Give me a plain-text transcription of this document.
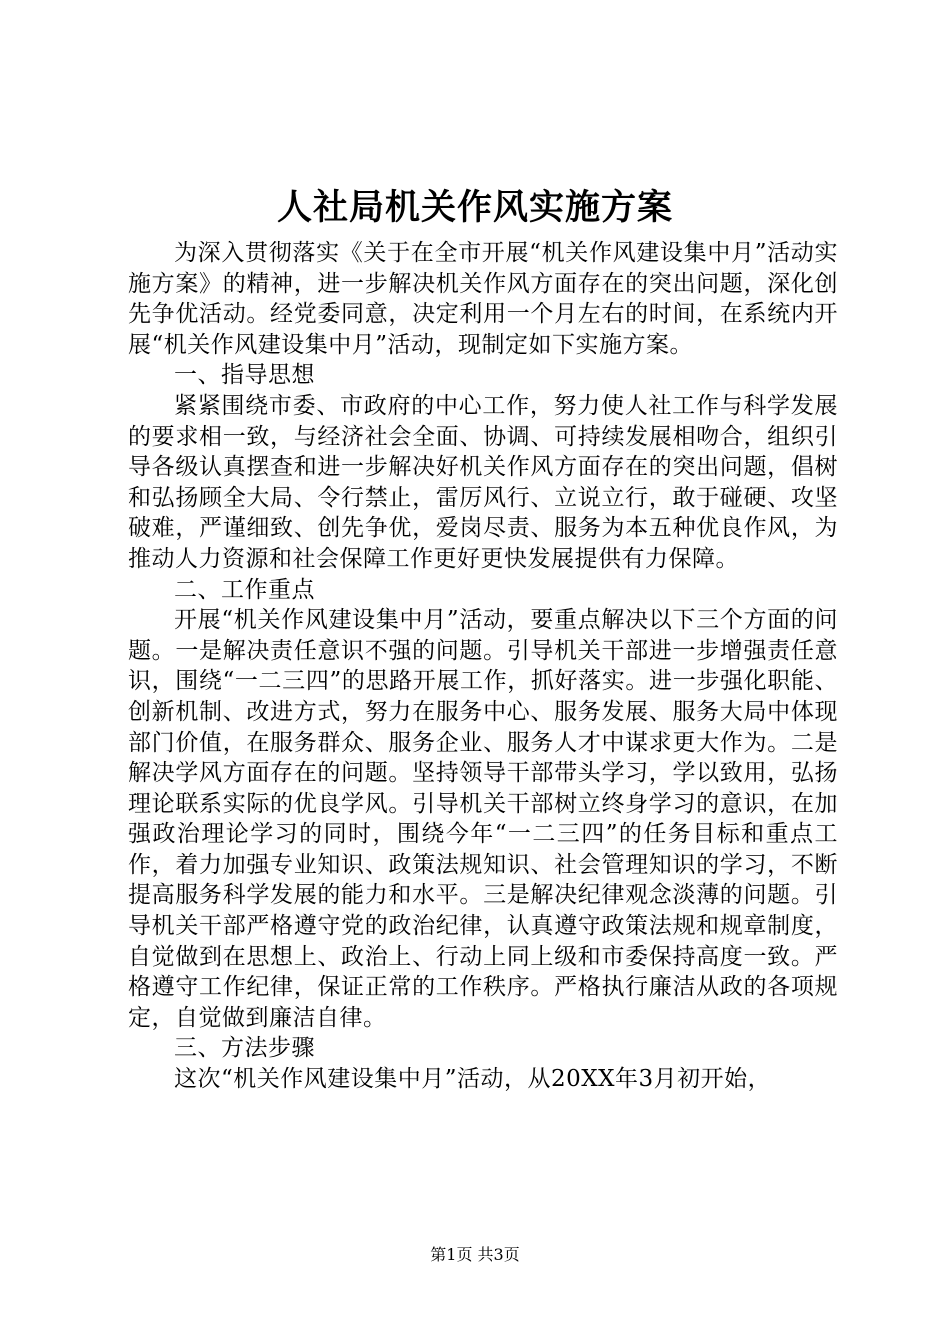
人社局机关作风实施方案

为深入贯彻落实《关于在全市开展“机关作风建设集中月”活动实施方案》的精神，进一步解决机关作风方面存在的突出问题，深化创先争优活动。经党委同意，决定利用一个月左右的时间，在系统内开展“机关作风建设集中月”活动，现制定如下实施方案。

一、指导思想

紧紧围绕市委、市政府的中心工作，努力使人社工作与科学发展的要求相一致，与经济社会全面、协调、可持续发展相吻合，组织引导各级认真摆查和进一步解决好机关作风方面存在的突出问题，倡树和弘扬顾全大局、令行禁止，雷厉风行、立说立行，敢于碰硬、攻坚破难，严谨细致、创先争优，爱岗尽责、服务为本五种优良作风，为推动人力资源和社会保障工作更好更快发展提供有力保障。

二、工作重点

开展“机关作风建设集中月”活动，要重点解决以下三个方面的问题。一是解决责任意识不强的问题。引导机关干部进一步增强责任意识，围绕“一二三四”的思路开展工作，抓好落实。进一步强化职能、创新机制、改进方式，努力在服务中心、服务发展、服务大局中体现部门价值，在服务群众、服务企业、服务人才中谋求更大作为。二是解决学风方面存在的问题。坚持领导干部带头学习，学以致用，弘扬理论联系实际的优良学风。引导机关干部树立终身学习的意识，在加强政治理论学习的同时，围绕今年“一二三四”的任务目标和重点工作，着力加强专业知识、政策法规知识、社会管理知识的学习，不断提高服务科学发展的能力和水平。三是解决纪律观念淡薄的问题。引导机关干部严格遵守党的政治纪律，认真遵守政策法规和规章制度，自觉做到在思想上、政治上、行动上同上级和市委保持高度一致。严格遵守工作纪律，保证正常的工作秩序。严格执行廉洁从政的各项规定，自觉做到廉洁自律。

三、方法步骤

这次“机关作风建设集中月”活动，从20XX年3月初开始，

第1页 共3页
